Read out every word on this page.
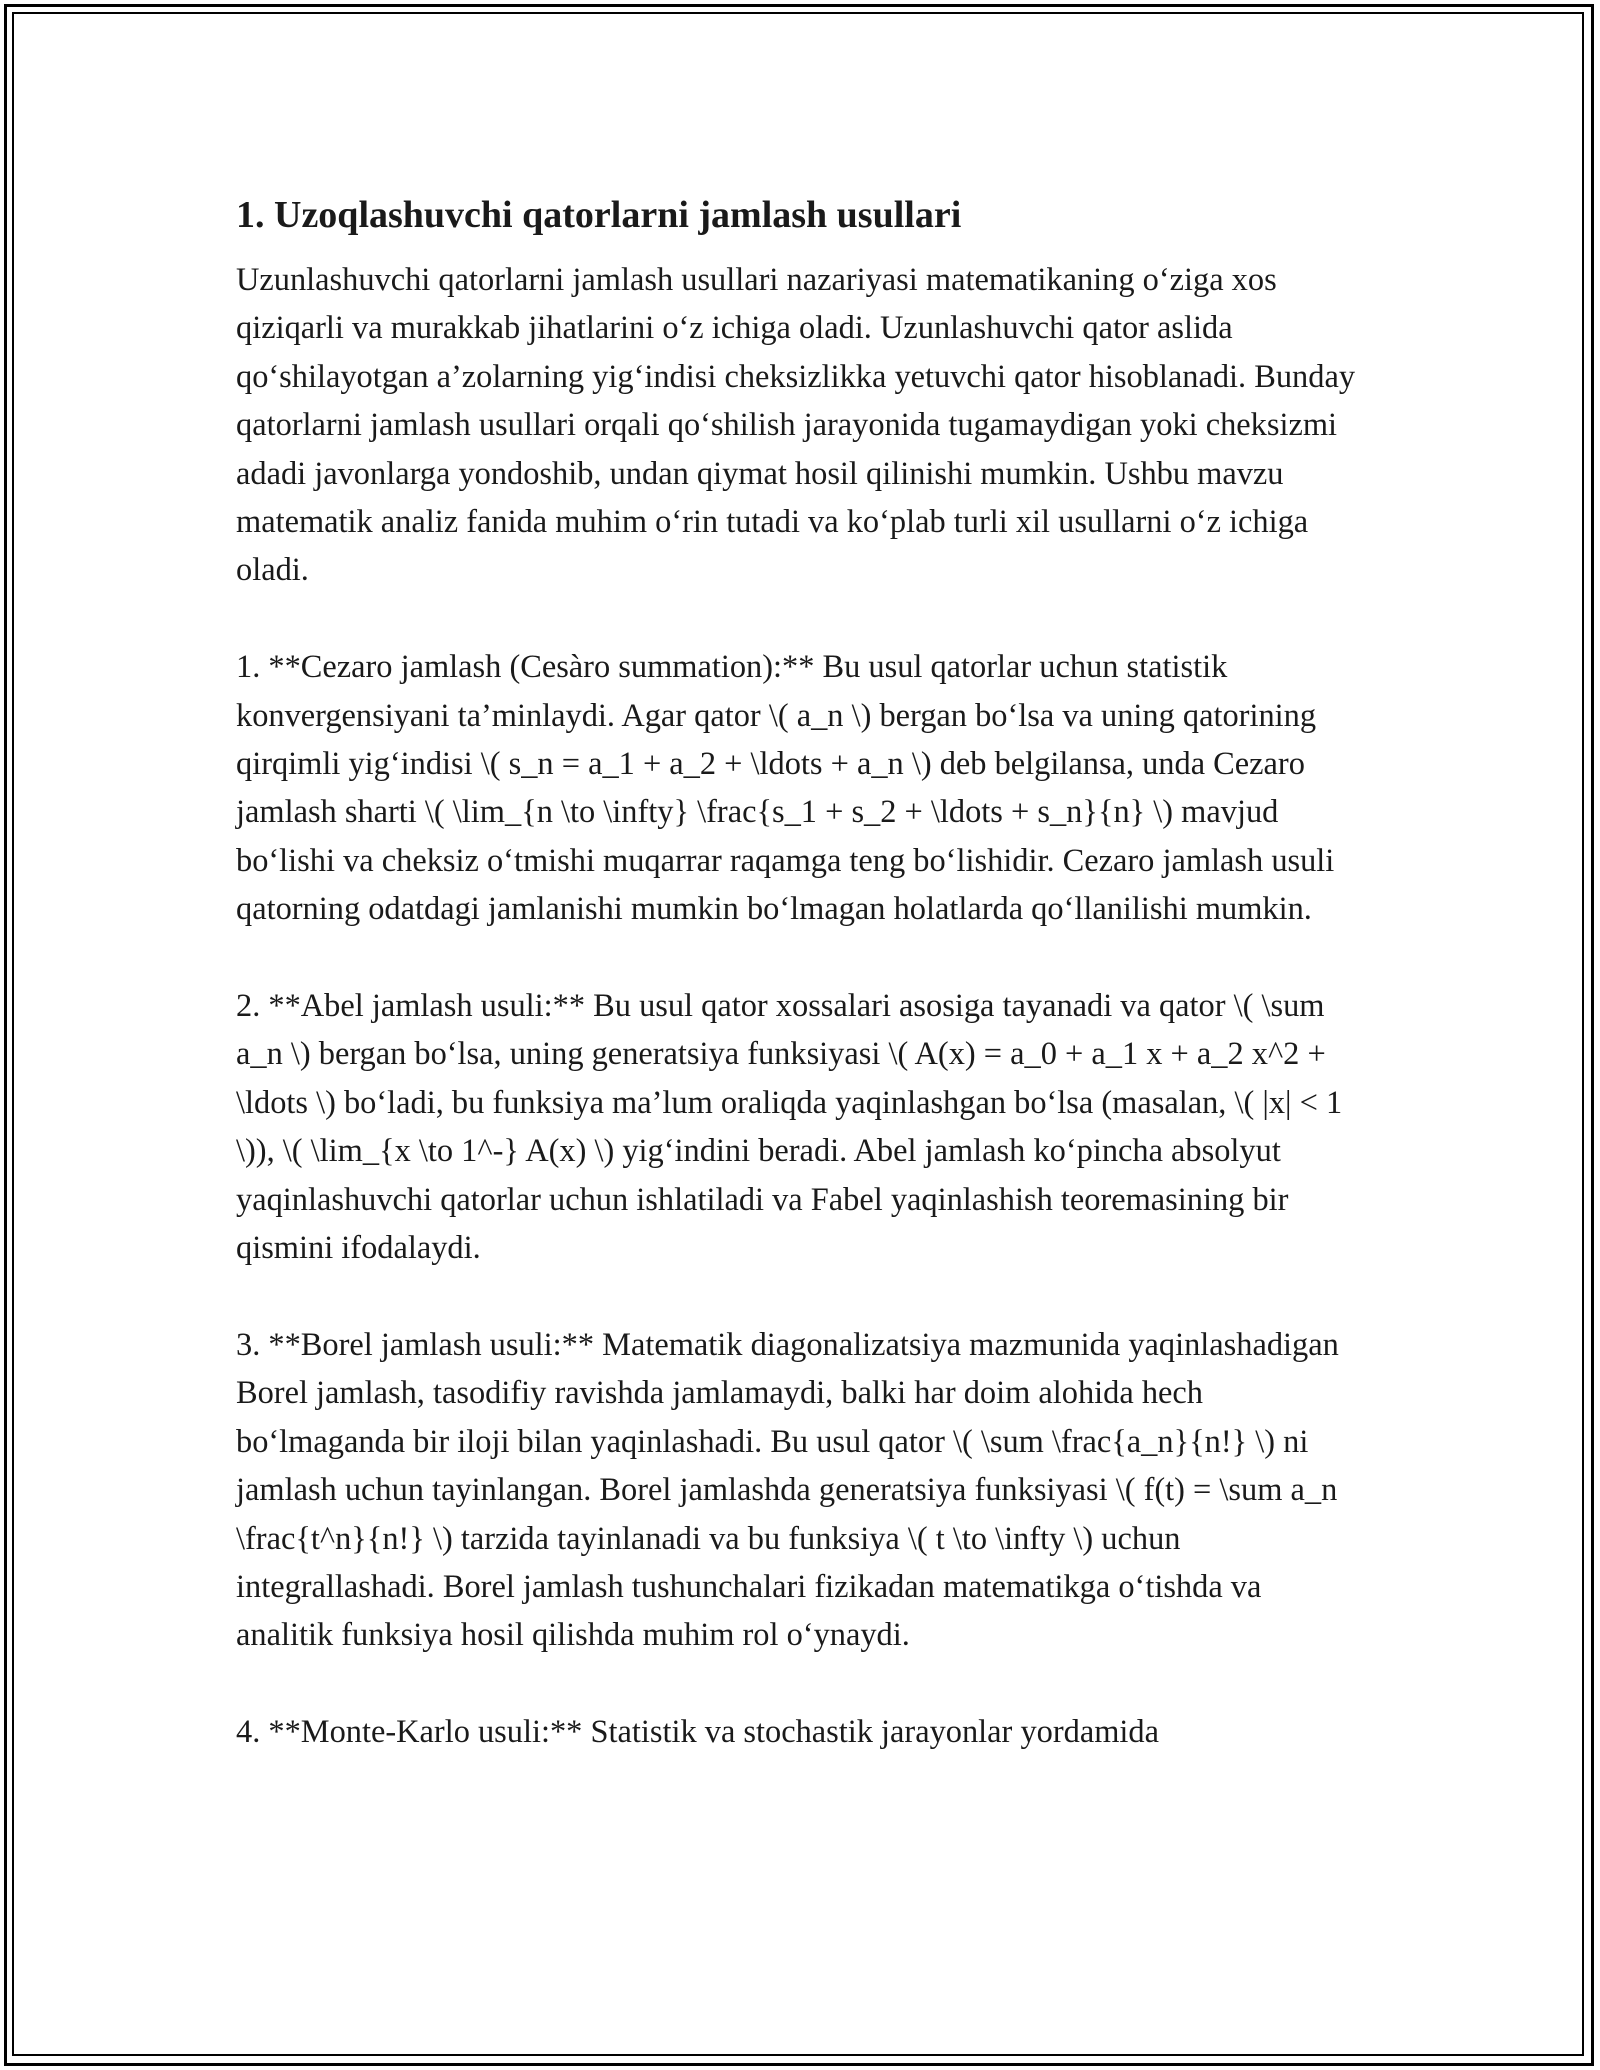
1. Uzoqlashuvchi qatorlarni jamlash usullari

Uzunlashuvchi qatorlarni jamlash usullari nazariyasi matematikaning o‘ziga xos qiziqarli va murakkab jihatlarini o‘z ichiga oladi. Uzunlashuvchi qator aslida qo‘shilayotgan a’zolarning yig‘indisi cheksizlikka yetuvchi qator hisoblanadi. Bunday qatorlarni jamlash usullari orqali qo‘shilish jarayonida tugamaydigan yoki cheksizmi adadi javonlarga yondoshib, undan qiymat hosil qilinishi mumkin. Ushbu mavzu matematik analiz fanida muhim o‘rin tutadi va ko‘plab turli xil usullarni o‘z ichiga oladi.

1. **Cezaro jamlash (Cesàro summation):** Bu usul qatorlar uchun statistik konvergensiyani ta’minlaydi. Agar qator \( a_n \) bergan bo‘lsa va uning qatorining qirqimli yig‘indisi \( s_n = a_1 + a_2 + \ldots + a_n \) deb belgilansa, unda Cezaro jamlash sharti \( \lim_{n \to \infty} \frac{s_1 + s_2 + \ldots + s_n}{n} \) mavjud bo‘lishi va cheksiz o‘tmishi muqarrar raqamga teng bo‘lishidir. Cezaro jamlash usuli qatorning odatdagi jamlanishi mumkin bo‘lmagan holatlarda qo‘llanilishi mumkin.

2. **Abel jamlash usuli:** Bu usul qator xossalari asosiga tayanadi va qator \( \sum a_n \) bergan bo‘lsa, uning generatsiya funksiyasi \( A(x) = a_0 + a_1 x + a_2 x^2 + \ldots \) bo‘ladi, bu funksiya ma’lum oraliqda yaqinlashgan bo‘lsa (masalan, \( |x| < 1 \)), \( \lim_{x \to 1^-} A(x) \) yig‘indini beradi. Abel jamlash ko‘pincha absolyut yaqinlashuvchi qatorlar uchun ishlatiladi va Fabel yaqinlashish teoremasining bir qismini ifodalaydi.

3. **Borel jamlash usuli:** Matematik diagonalizatsiya mazmunida yaqinlashadigan Borel jamlash, tasodifiy ravishda jamlamaydi, balki har doim alohida hech bo‘lmaganda bir iloji bilan yaqinlashadi. Bu usul qator \( \sum \frac{a_n}{n!} \) ni jamlash uchun tayinlangan. Borel jamlashda generatsiya funksiyasi \( f(t) = \sum a_n \frac{t^n}{n!} \) tarzida tayinlanadi va bu funksiya \( t \to \infty \) uchun integrallashadi. Borel jamlash tushunchalari fizikadan matematikga o‘tishda va analitik funksiya hosil qilishda muhim rol o‘ynaydi.

4. **Monte-Karlo usuli:** Statistik va stochastik jarayonlar yordamida
